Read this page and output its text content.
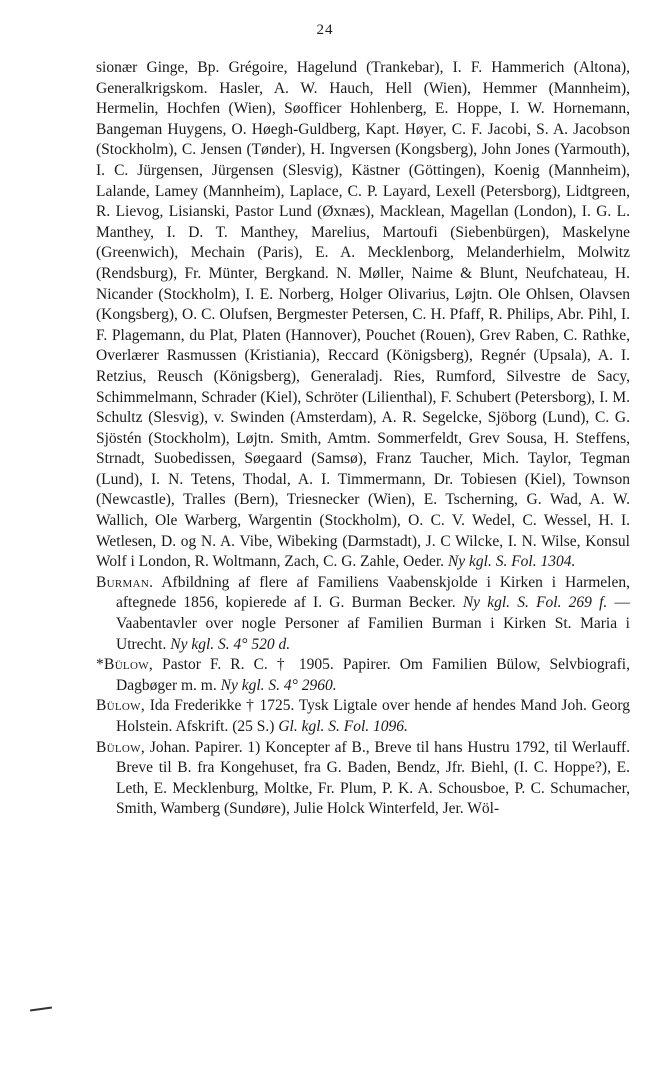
24

sionær Ginge, Bp. Grégoire, Hagelund (Trankebar), I. F. Hammerich (Altona), Generalkrigskom. Hasler, A. W. Hauch, Hell (Wien), Hemmer (Mannheim), Hermelin, Hochfen (Wien), Søofficer Hohlenberg, E. Hoppe, I. W. Hornemann, Bangeman Huygens, O. Høegh-Guldberg, Kapt. Høyer, C. F. Jacobi, S. A. Jacobson (Stockholm), C. Jensen (Tønder), H. Ingversen (Kongsberg), John Jones (Yarmouth), I. C. Jürgensen, Jürgensen (Slesvig), Kästner (Göttingen), Koenig (Mannheim), Lalande, Lamey (Mannheim), Laplace, C. P. Layard, Lexell (Petersborg), Lidtgreen, R. Lievog, Lisianski, Pastor Lund (Øxnæs), Macklean, Magellan (London), I. G. L. Manthey, I. D. T. Manthey, Marelius, Martoufi (Siebenbürgen), Maskelyne (Greenwich), Mechain (Paris), E. A. Mecklenborg, Melanderhielm, Molwitz (Rendsburg), Fr. Münter, Bergkand. N. Møller, Naime & Blunt, Neufchateau, H. Nicander (Stockholm), I. E. Norberg, Holger Olivarius, Løjtn. Ole Ohlsen, Olavsen (Kongsberg), O. C. Olufsen, Bergmester Petersen, C. H. Pfaff, R. Philips, Abr. Pihl, I. F. Plagemann, du Plat, Platen (Hannover), Pouchet (Rouen), Grev Raben, C. Rathke, Overlærer Rasmussen (Kristiania), Reccard (Königsberg), Regnér (Upsala), A. I. Retzius, Reusch (Königsberg), Generaladj. Ries, Rumford, Silvestre de Sacy, Schimmelmann, Schrader (Kiel), Schröter (Lilienthal), F. Schubert (Petersborg), I. M. Schultz (Slesvig), v. Swinden (Amsterdam), A. R. Segelcke, Sjöborg (Lund), C. G. Sjöstén (Stockholm), Løjtn. Smith, Amtm. Sommerfeldt, Grev Sousa, H. Steffens, Strnadt, Suobedissen, Søegaard (Samsø), Franz Taucher, Mich. Taylor, Tegman (Lund), I. N. Tetens, Thodal, A. I. Timmermann, Dr. Tobiesen (Kiel), Townson (Newcastle), Tralles (Bern), Triesnecker (Wien), E. Tscherning, G. Wad, A. W. Wallich, Ole Warberg, Wargentin (Stockholm), O. C. V. Wedel, C. Wessel, H. I. Wetlesen, D. og N. A. Vibe, Wibeking (Darmstadt), J. C Wilcke, I. N. Wilse, Konsul Wolf i London, R. Woltmann, Zach, C. G. Zahle, Oeder. Ny kgl. S. Fol. 1304.

Burman. Afbildning af flere af Familiens Vaabenskjolde i Kirken i Harmelen, aftegnede 1856, kopierede af I. G. Burman Becker. Ny kgl. S. Fol. 269 f. — Vaabentavler over nogle Personer af Familien Burman i Kirken St. Maria i Utrecht. Ny kgl. S. 4° 520 d.

*Bülow, Pastor F. R. C. † 1905. Papirer. Om Familien Bülow, Selvbiografi, Dagbøger m. m. Ny kgl. S. 4° 2960.

Bülow, Ida Frederikke † 1725. Tysk Ligtale over hende af hendes Mand Joh. Georg Holstein. Afskrift. (25 S.) Gl. kgl. S. Fol. 1096.

Bülow, Johan. Papirer. 1) Koncepter af B., Breve til hans Hustru 1792, til Werlauff. Breve til B. fra Kongehuset, fra G. Baden, Bendz, Jfr. Biehl, (I. C. Hoppe?), E. Leth, E. Mecklenburg, Moltke, Fr. Plum, P. K. A. Schousboe, P. C. Schumacher, Smith, Wamberg (Sundøre), Julie Holck Winterfeld, Jer. Wöl-
